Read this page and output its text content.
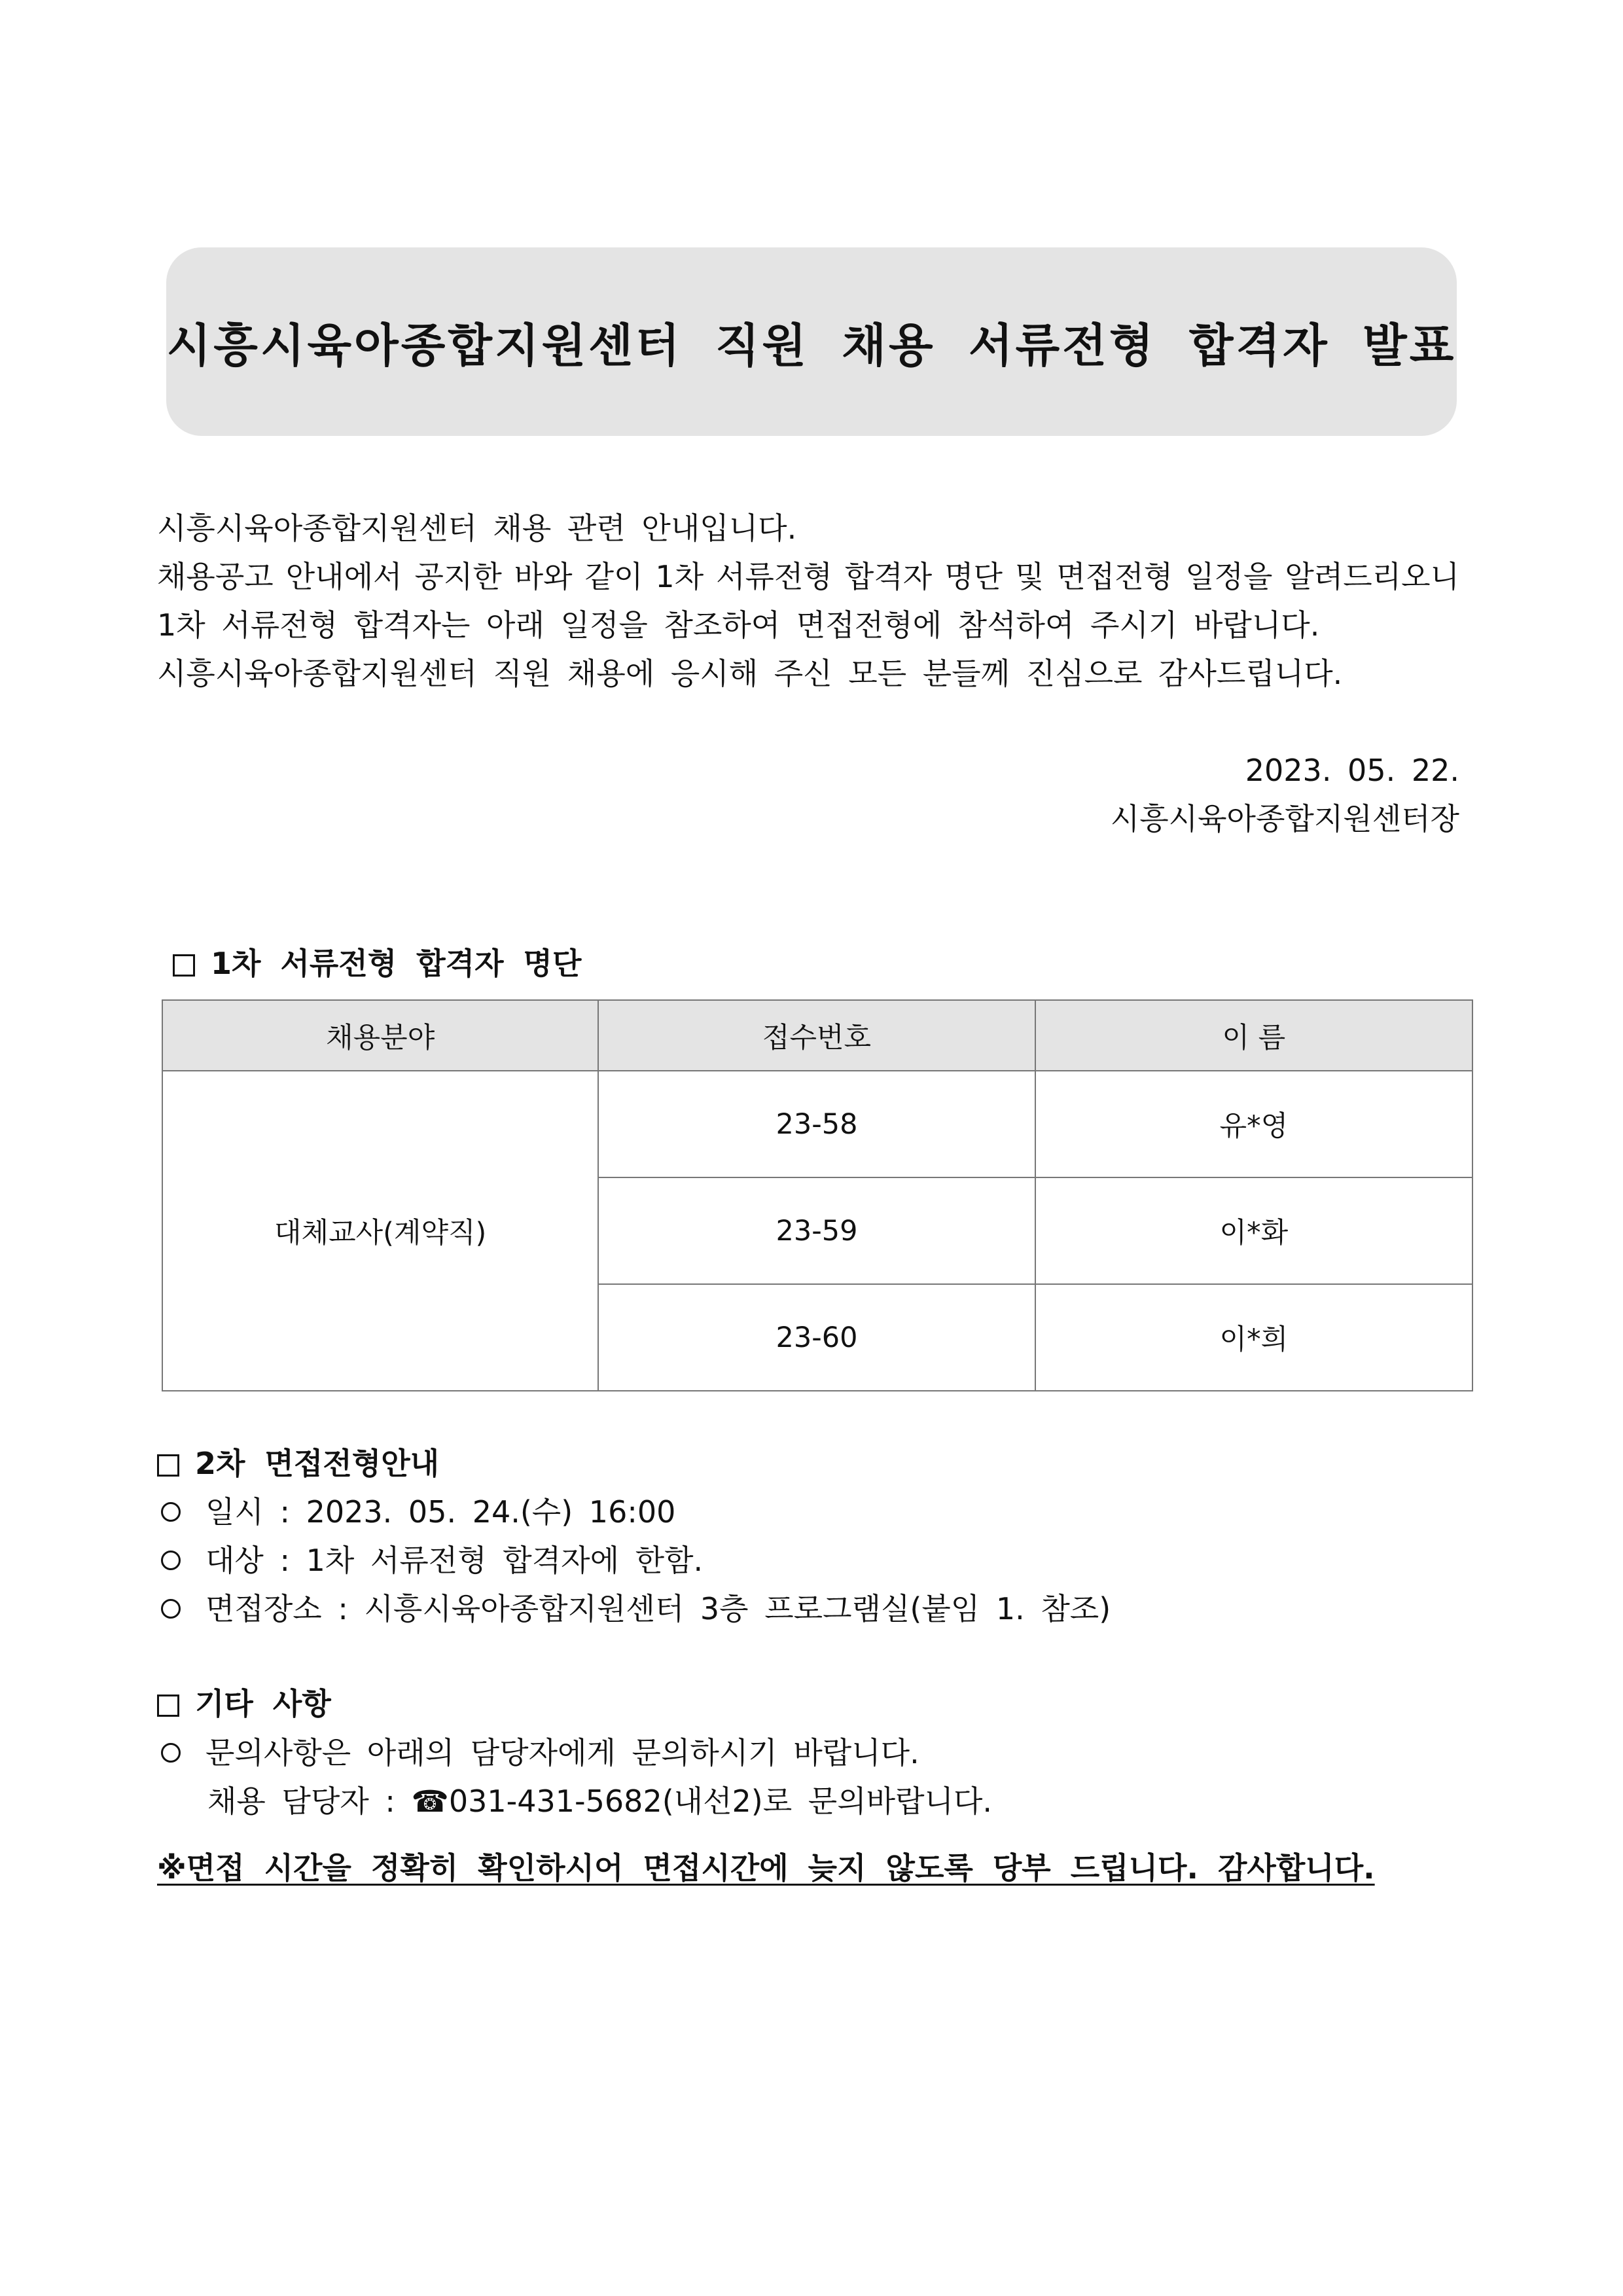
시흥시육아종합지원센터 직원 채용 서류전형 합격자 발표

시흥시육아종합지원센터 채용 관련 안내입니다.

채용공고 안내에서 공지한 바와 같이 1차 서류전형 합격자 명단 및 면접전형 일정을 알려드리오니

1차 서류전형 합격자는 아래 일정을 참조하여 면접전형에 참석하여 주시기 바랍니다.

시흥시육아종합지원센터 직원 채용에 응시해 주신 모든 분들께 진심으로 감사드립니다.

2023. 05. 22.

시흥시육아종합지원센터장

1차 서류전형 합격자 명단
채용분야	접수번호	이 름
대체교사(계약직)	23-58	유*영
	23-59	이*화
	23-60	이*희
2차 면접전형안내
일시 : 2023. 05. 24.(수) 16:00
대상 : 1차 서류전형 합격자에 한함.
면접장소 : 시흥시육아종합지원센터 3층 프로그램실(붙임 1. 참조)
기타 사항
문의사항은 아래의 담당자에게 문의하시기 바랍니다.
채용 담당자 : ☎031-431-5682(내선2)로 문의바랍니다.
※면접 시간을 정확히 확인하시어 면접시간에 늦지 않도록 당부 드립니다. 감사합니다.
